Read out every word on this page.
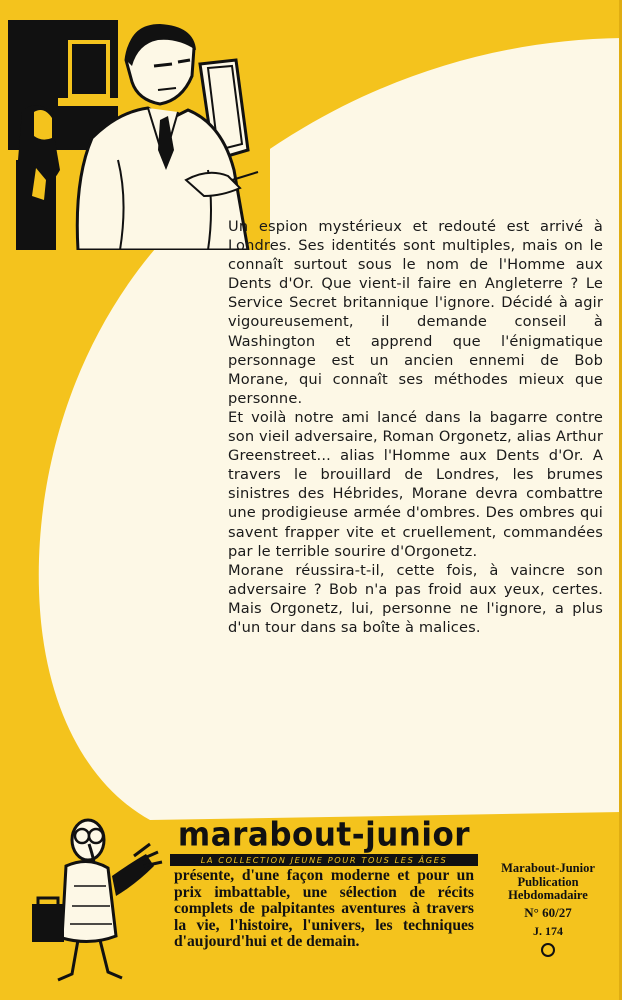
Un espion mystérieux et redouté est arrivé à Londres. Ses identités sont multiples, mais on le connaît surtout sous le nom de l'Homme aux Dents d'Or. Que vient-il faire en Angleterre ? Le Service Secret britannique l'ignore. Décidé à agir vigoureusement, il demande conseil à Washington et apprend que l'énigmatique personnage est un ancien ennemi de Bob Morane, qui connaît ses méthodes mieux que personne.

Et voilà notre ami lancé dans la bagarre contre son vieil adversaire, Roman Orgonetz, alias Arthur Greenstreet... alias l'Homme aux Dents d'Or. A travers le brouillard de Londres, les brumes sinistres des Hébrides, Morane devra combattre une prodigieuse armée d'ombres. Des ombres qui savent frapper vite et cruellement, commandées par le terrible sourire d'Orgonetz.

Morane réussira-t-il, cette fois, à vaincre son adversaire ? Bob n'a pas froid aux yeux, certes. Mais Orgonetz, lui, personne ne l'ignore, a plus d'un tour dans sa boîte à malices.

marabout-junior
LA COLLECTION JEUNE POUR TOUS LES ÂGES
présente, d'une façon moderne et pour un prix imbattable, une sélection de récits complets de palpitantes aventures à travers la vie, l'histoire, l'univers, les techniques d'aujourd'hui et de demain.
Marabout-Junior
Publication
Hebdomadaire
N° 60/27
J. 174
